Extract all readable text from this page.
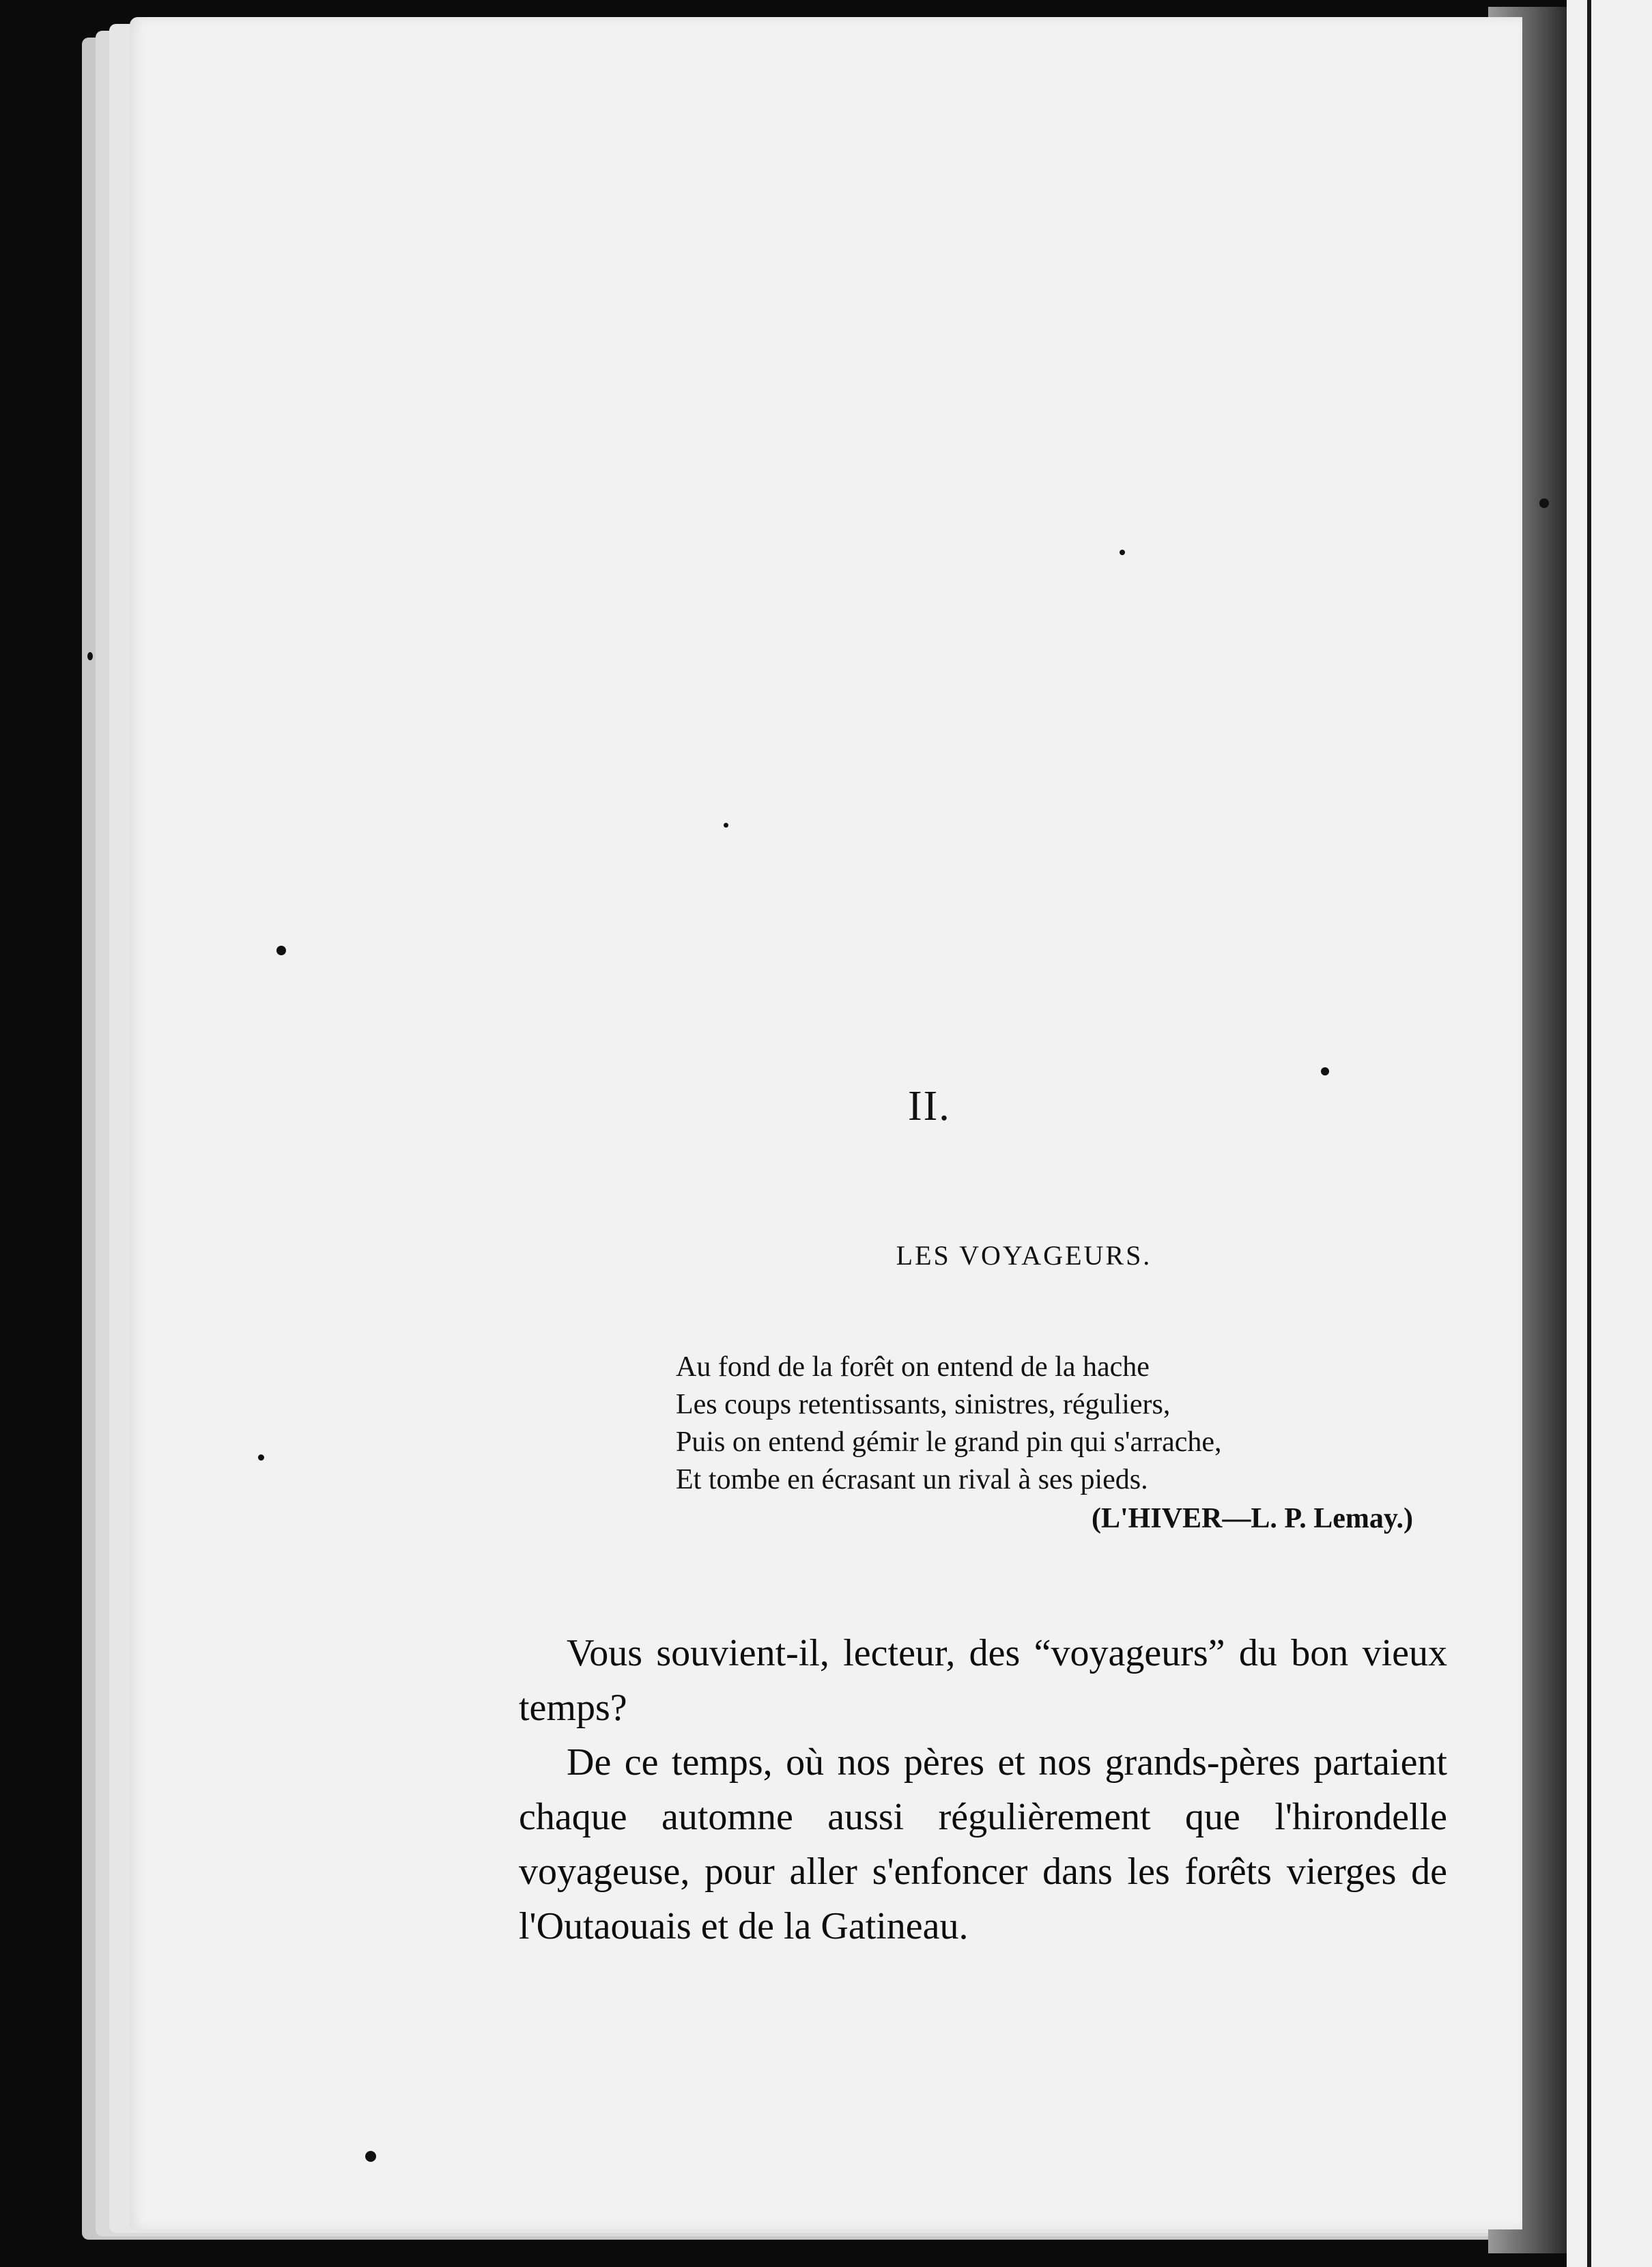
II.
LES VOYAGEURS.
Au fond de la forêt on entend de la hache
Les coups retentissants, sinistres, réguliers,
Puis on entend gémir le grand pin qui s'arrache,
Et tombe en écrasant un rival à ses pieds.
(L'HIVER—L. P. Lemay.)

Vous souvient-il, lecteur, des “voyageurs” du bon vieux temps?

De ce temps, où nos pères et nos grands-pères partaient chaque automne aussi régulièrement que l'hirondelle voyageuse, pour aller s'enfoncer dans les forêts vierges de l'Outaouais et de la Gatineau.
